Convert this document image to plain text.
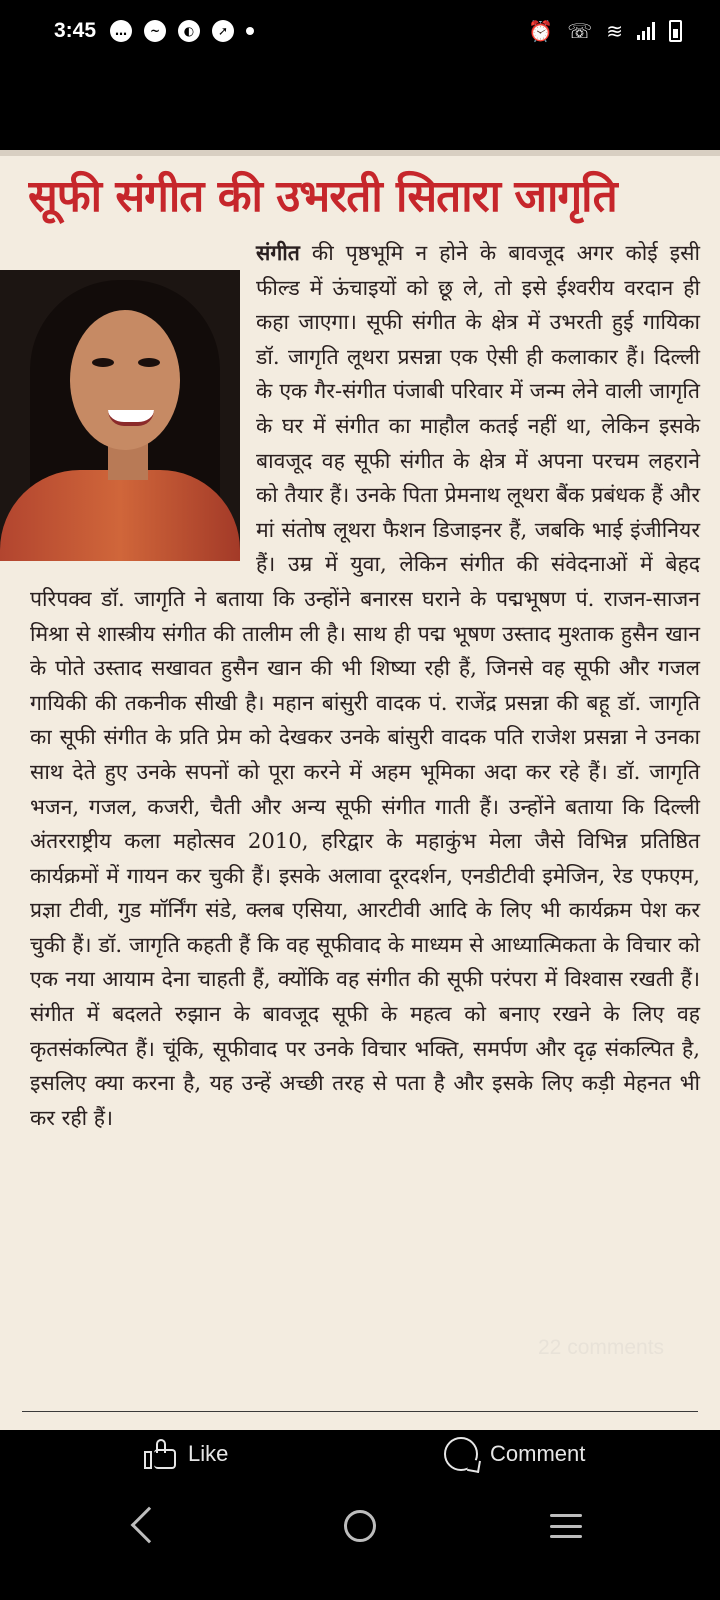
3:45	…	~	◐	➚	⏰ ☏ ≋
सूफी संगीत की उभरती सितारा जागृति
संगीत की पृष्ठभूमि न होने के बावजूद अगर कोई इसी फील्ड में ऊंचाइयों को छू ले, तो इसे ईश्वरीय वरदान ही कहा जाएगा। सूफी संगीत के क्षेत्र में उभरती हुई गायिका डॉ. जागृति लूथरा प्रसन्ना एक ऐसी ही कलाकार हैं। दिल्ली के एक गैर-संगीत पंजाबी परिवार में जन्म लेने वाली जागृति के घर में संगीत का माहौल कतई नहीं था, लेकिन इसके बावजूद वह सूफी संगीत के क्षेत्र में अपना परचम लहराने को तैयार हैं। उनके पिता प्रेमनाथ लूथरा बैंक प्रबंधक हैं और मां संतोष लूथरा फैशन डिजाइनर हैं, जबकि भाई इंजीनियर हैं। उम्र में युवा, लेकिन संगीत की संवेदनाओं में बेहद परिपक्व डॉ. जागृति ने बताया कि उन्होंने बनारस घराने के पद्मभूषण पं. राजन-साजन मिश्रा से शास्त्रीय संगीत की तालीम ली है। साथ ही पद्म भूषण उस्ताद मुश्ताक हुसैन खान के पोते उस्ताद सखावत हुसैन खान की भी शिष्या रही हैं, जिनसे वह सूफी और गजल गायिकी की तकनीक सीखी है। महान बांसुरी वादक पं. राजेंद्र प्रसन्ना की बहू डॉ. जागृति का सूफी संगीत के प्रति प्रेम को देखकर उनके बांसुरी वादक पति राजेश प्रसन्ना ने उनका साथ देते हुए उनके सपनों को पूरा करने में अहम भूमिका अदा कर रहे हैं। डॉ. जागृति भजन, गजल, कजरी, चैती और अन्य सूफी संगीत गाती हैं। उन्होंने बताया कि दिल्ली अंतरराष्ट्रीय कला महोत्सव 2010, हरिद्वार के महाकुंभ मेला जैसे विभिन्न प्रतिष्ठित कार्यक्रमों में गायन कर चुकी हैं। इसके अलावा दूरदर्शन, एनडीटीवी इमेजिन, रेड एफएम, प्रज्ञा टीवी, गुड मॉर्निंग संडे, क्लब एसिया, आरटीवी आदि के लिए भी कार्यक्रम पेश कर चुकी हैं। डॉ. जागृति कहती हैं कि वह सूफीवाद के माध्यम से आध्यात्मिकता के विचार को एक नया आयाम देना चाहती हैं, क्योंकि वह संगीत की सूफी परंपरा में विश्वास रखती हैं। संगीत में बदलते रुझान के बावजूद सूफी के महत्व को बनाए रखने के लिए वह कृतसंकल्पित हैं। चूंकि, सूफीवाद पर उनके विचार भक्ति, समर्पण और दृढ़ संकल्पित है, इसलिए क्या करना है, यह उन्हें अच्छी तरह से पता है और इसके लिए कड़ी मेहनत भी कर रही हैं।
22 comments
Like	Comment
